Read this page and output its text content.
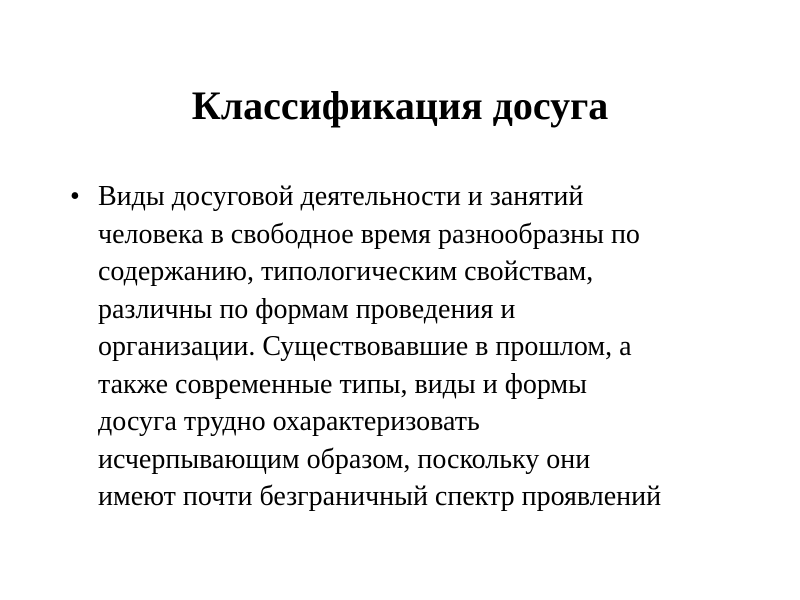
Классификация досуга
• Виды досуговой деятельности и занятий
человека в свободное время разнообразны по
содержанию, типологическим свойствам,
различны по формам проведения и
организации. Существовавшие в прошлом, а
также современные типы, виды и формы
досуга трудно охарактеризовать
исчерпывающим образом, поскольку они
имеют почти безграничный спектр проявлений
